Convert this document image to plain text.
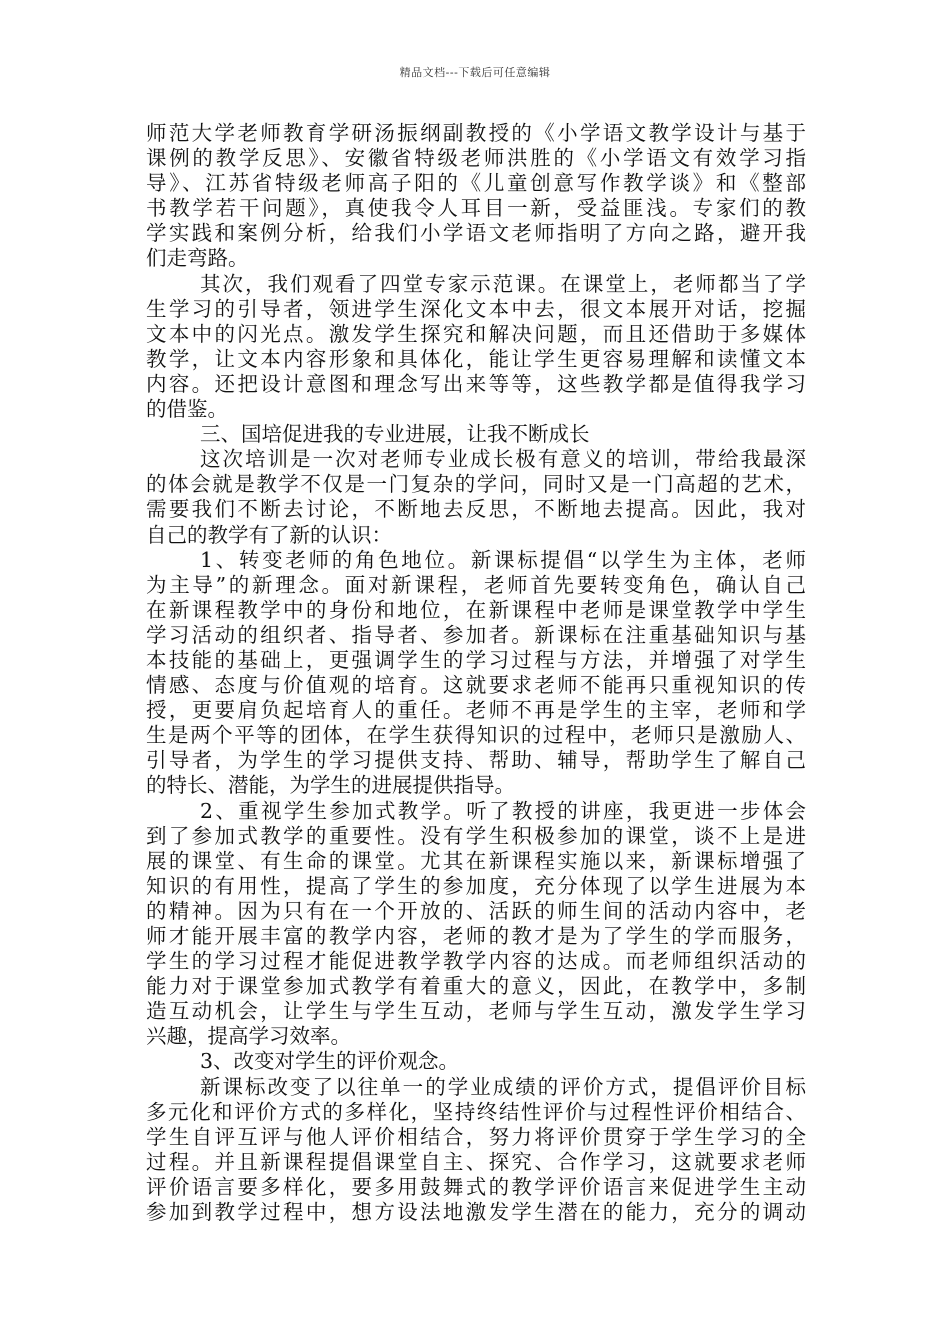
精品文档---下载后可任意编辑
师范大学老师教育学研汤振纲副教授的《小学语文教学设计与基于
课例的教学反思》、安徽省特级老师洪胜的《小学语文有效学习指
导》、江苏省特级老师高子阳的《儿童创意写作教学谈》和《整部
书教学若干问题》，真使我令人耳目一新，受益匪浅。专家们的教
学实践和案例分析，给我们小学语文老师指明了方向之路，避开我
们走弯路。
其次，我们观看了四堂专家示范课。在课堂上，老师都当了学
生学习的引导者，领进学生深化文本中去，很文本展开对话，挖掘
文本中的闪光点。激发学生探究和解决问题，而且还借助于多媒体
教学，让文本内容形象和具体化，能让学生更容易理解和读懂文本
内容。还把设计意图和理念写出来等等，这些教学都是值得我学习
的借鉴。
三、国培促进我的专业进展，让我不断成长
这次培训是一次对老师专业成长极有意义的培训，带给我最深
的体会就是教学不仅是一门复杂的学问，同时又是一门高超的艺术，
需要我们不断去讨论，不断地去反思，不断地去提高。因此，我对
自己的教学有了新的认识：
1、转变老师的角色地位。新课标提倡“以学生为主体，老师
为主导”的新理念。面对新课程，老师首先要转变角色，确认自己
在新课程教学中的身份和地位，在新课程中老师是课堂教学中学生
学习活动的组织者、指导者、参加者。新课标在注重基础知识与基
本技能的基础上，更强调学生的学习过程与方法，并增强了对学生
情感、态度与价值观的培育。这就要求老师不能再只重视知识的传
授，更要肩负起培育人的重任。老师不再是学生的主宰，老师和学
生是两个平等的团体，在学生获得知识的过程中，老师只是激励人、
引导者，为学生的学习提供支持、帮助、辅导，帮助学生了解自己
的特长、潜能，为学生的进展提供指导。
2、重视学生参加式教学。听了教授的讲座，我更进一步体会
到了参加式教学的重要性。没有学生积极参加的课堂，谈不上是进
展的课堂、有生命的课堂。尤其在新课程实施以来，新课标增强了
知识的有用性，提高了学生的参加度，充分体现了以学生进展为本
的精神。因为只有在一个开放的、活跃的师生间的活动内容中，老
师才能开展丰富的教学内容，老师的教才是为了学生的学而服务，
学生的学习过程才能促进教学教学内容的达成。而老师组织活动的
能力对于课堂参加式教学有着重大的意义，因此，在教学中，多制
造互动机会，让学生与学生互动，老师与学生互动，激发学生学习
兴趣，提高学习效率。
3、改变对学生的评价观念。
新课标改变了以往单一的学业成绩的评价方式，提倡评价目标
多元化和评价方式的多样化，坚持终结性评价与过程性评价相结合、
学生自评互评与他人评价相结合，努力将评价贯穿于学生学习的全
过程。并且新课程提倡课堂自主、探究、合作学习，这就要求老师
评价语言要多样化，要多用鼓舞式的教学评价语言来促进学生主动
参加到教学过程中，想方设法地激发学生潜在的能力，充分的调动
